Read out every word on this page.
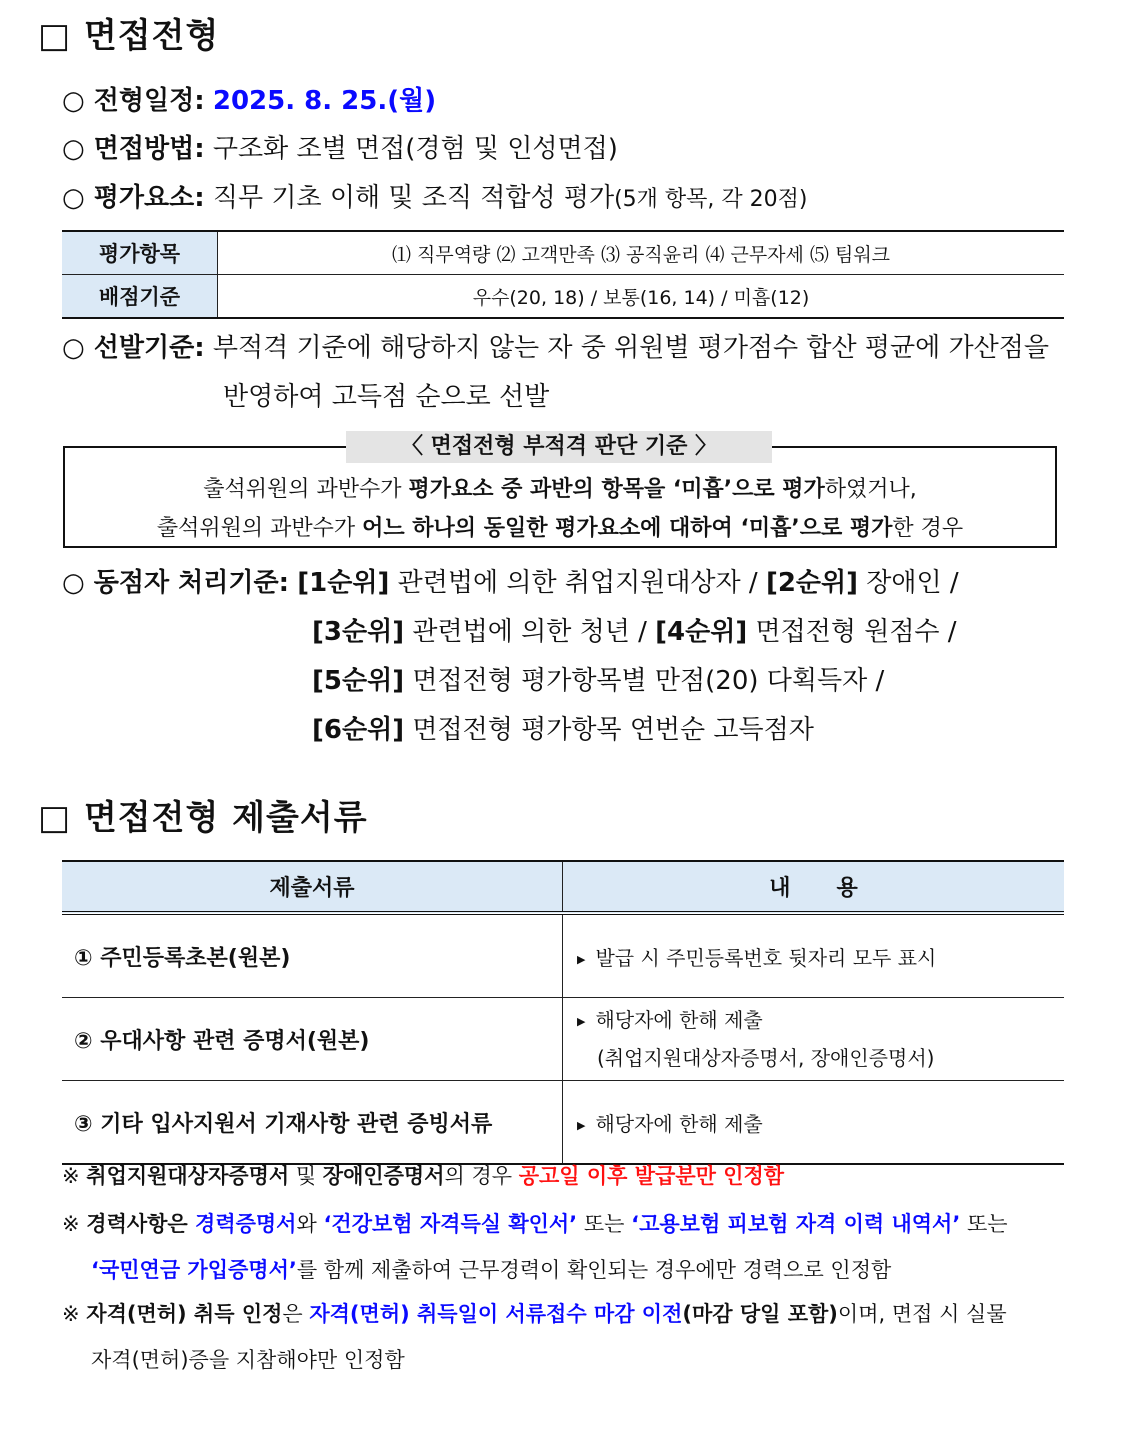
□ 면접전형
○ 전형일정: 2025. 8. 25.(월)
○ 면접방법: 구조화 조별 면접(경험 및 인성면접)
○ 평가요소: 직무 기초 이해 및 조직 적합성 평가(5개 항목, 각 20점)
평가항목	⑴ 직무역량 ⑵ 고객만족 ⑶ 공직윤리 ⑷ 근무자세 ⑸ 팀워크
배점기준	우수(20, 18) / 보통(16, 14) / 미흡(12)
○ 선발기준: 부적격 기준에 해당하지 않는 자 중 위원별 평가점수 합산 평균에 가산점을
반영하여 고득점 순으로 선발
〈 면접전형 부적격 판단 기준 〉
출석위원의 과반수가 평가요소 중 과반의 항목을 ‘미흡’으로 평가하였거나,
출석위원의 과반수가 어느 하나의 동일한 평가요소에 대하여 ‘미흡’으로 평가한 경우
○ 동점자 처리기준: [1순위] 관련법에 의한 취업지원대상자 / [2순위] 장애인 /
[3순위] 관련법에 의한 청년 / [4순위] 면접전형 원점수 /
[5순위] 면접전형 평가항목별 만점(20) 다획득자 /
[6순위] 면접전형 평가항목 연번순 고득점자
□ 면접전형 제출서류
제출서류	내      용
① 주민등록초본(원본)	▶ 발급 시 주민등록번호 뒷자리 모두 표시
② 우대사항 관련 증명서(원본)	▶ 해당자에 한해 제출
(취업지원대상자증명서, 장애인증명서)
③ 기타 입사지원서 기재사항 관련 증빙서류	▶ 해당자에 한해 제출
※ 취업지원대상자증명서 및 장애인증명서의 경우 공고일 이후 발급분만 인정함
※ 경력사항은 경력증명서와 ‘건강보험 자격득실 확인서’ 또는 ‘고용보험 피보험 자격 이력 내역서’ 또는
‘국민연금 가입증명서’를 함께 제출하여 근무경력이 확인되는 경우에만 경력으로 인정함
※ 자격(면허) 취득 인정은 자격(면허) 취득일이 서류접수 마감 이전(마감 당일 포함)이며, 면접 시 실물
자격(면허)증을 지참해야만 인정함
